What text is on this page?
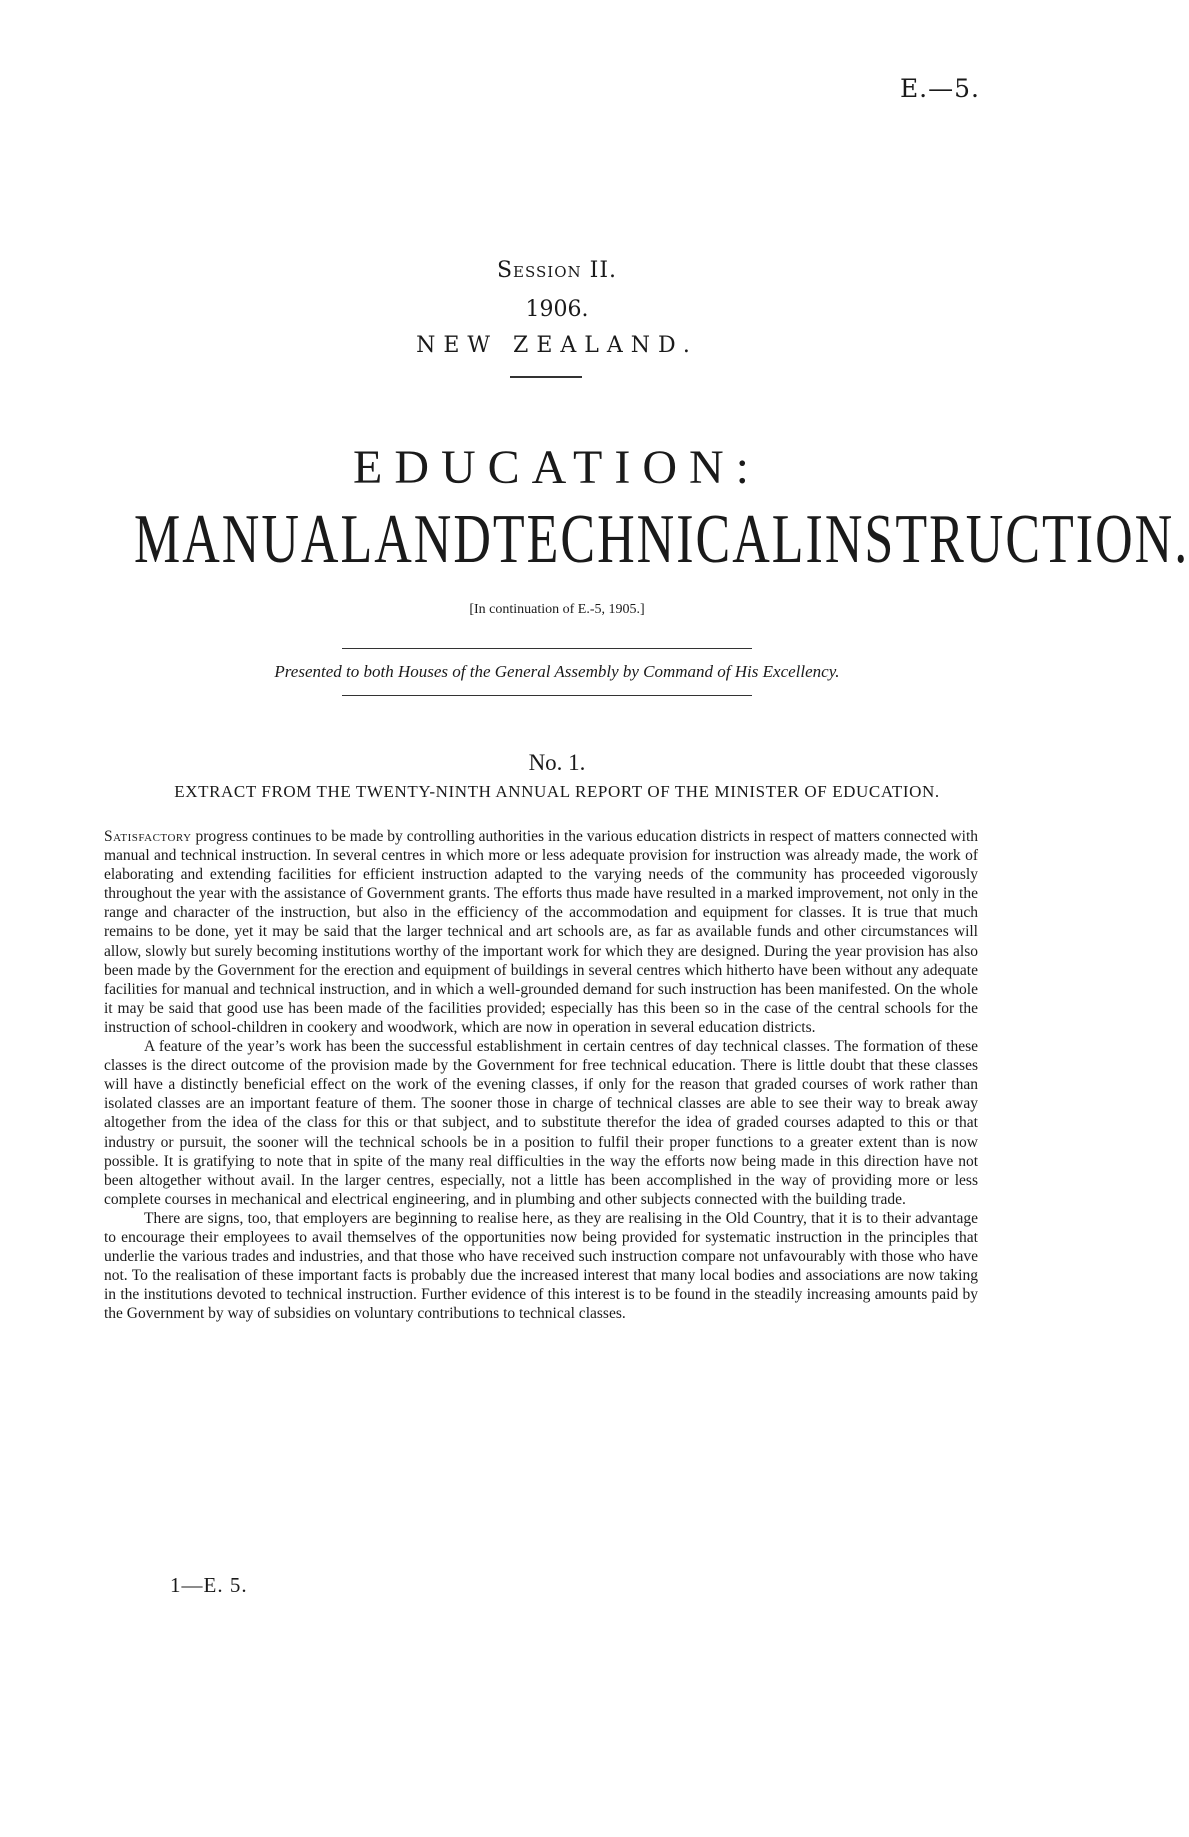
E.—5.
Session II.
1906.
NEW ZEALAND.
EDUCATION:
MANUAL AND TECHNICAL INSTRUCTION.
[In continuation of E.-5, 1905.]
Presented to both Houses of the General Assembly by Command of His Excellency.
No. 1.
EXTRACT FROM THE TWENTY-NINTH ANNUAL REPORT OF THE MINISTER OF EDUCATION.

Satisfactory progress continues to be made by controlling authorities in the various education districts in respect of matters connected with manual and technical instruction. In several centres in which more or less adequate provision for instruction was already made, the work of elaborating and extending facilities for efficient instruction adapted to the varying needs of the community has proceeded vigorously throughout the year with the assistance of Government grants. The efforts thus made have resulted in a marked improvement, not only in the range and character of the instruction, but also in the efficiency of the accommodation and equipment for classes. It is true that much remains to be done, yet it may be said that the larger technical and art schools are, as far as available funds and other circumstances will allow, slowly but surely becoming institutions worthy of the important work for which they are designed. During the year provision has also been made by the Government for the erection and equipment of buildings in several centres which hitherto have been without any adequate facilities for manual and technical instruction, and in which a well-grounded demand for such instruction has been manifested. On the whole it may be said that good use has been made of the facilities provided; especially has this been so in the case of the central schools for the instruction of school-children in cookery and woodwork, which are now in operation in several education districts.

A feature of the year’s work has been the successful establishment in certain centres of day technical classes. The formation of these classes is the direct outcome of the provision made by the Government for free technical education. There is little doubt that these classes will have a distinctly beneficial effect on the work of the evening classes, if only for the reason that graded courses of work rather than isolated classes are an important feature of them. The sooner those in charge of technical classes are able to see their way to break away altogether from the idea of the class for this or that subject, and to substitute therefor the idea of graded courses adapted to this or that industry or pursuit, the sooner will the technical schools be in a position to fulfil their proper functions to a greater extent than is now possible. It is gratifying to note that in spite of the many real difficulties in the way the efforts now being made in this direction have not been altogether without avail. In the larger centres, especially, not a little has been accomplished in the way of providing more or less complete courses in mechanical and electrical engineering, and in plumbing and other subjects connected with the building trade.

There are signs, too, that employers are beginning to realise here, as they are realising in the Old Country, that it is to their advantage to encourage their employees to avail themselves of the opportunities now being provided for systematic instruction in the principles that underlie the various trades and industries, and that those who have received such instruction compare not unfavourably with those who have not. To the realisation of these important facts is probably due the increased interest that many local bodies and associations are now taking in the institutions devoted to technical instruction. Further evidence of this interest is to be found in the steadily increasing amounts paid by the Government by way of subsidies on voluntary contributions to technical classes.

1—E. 5.
